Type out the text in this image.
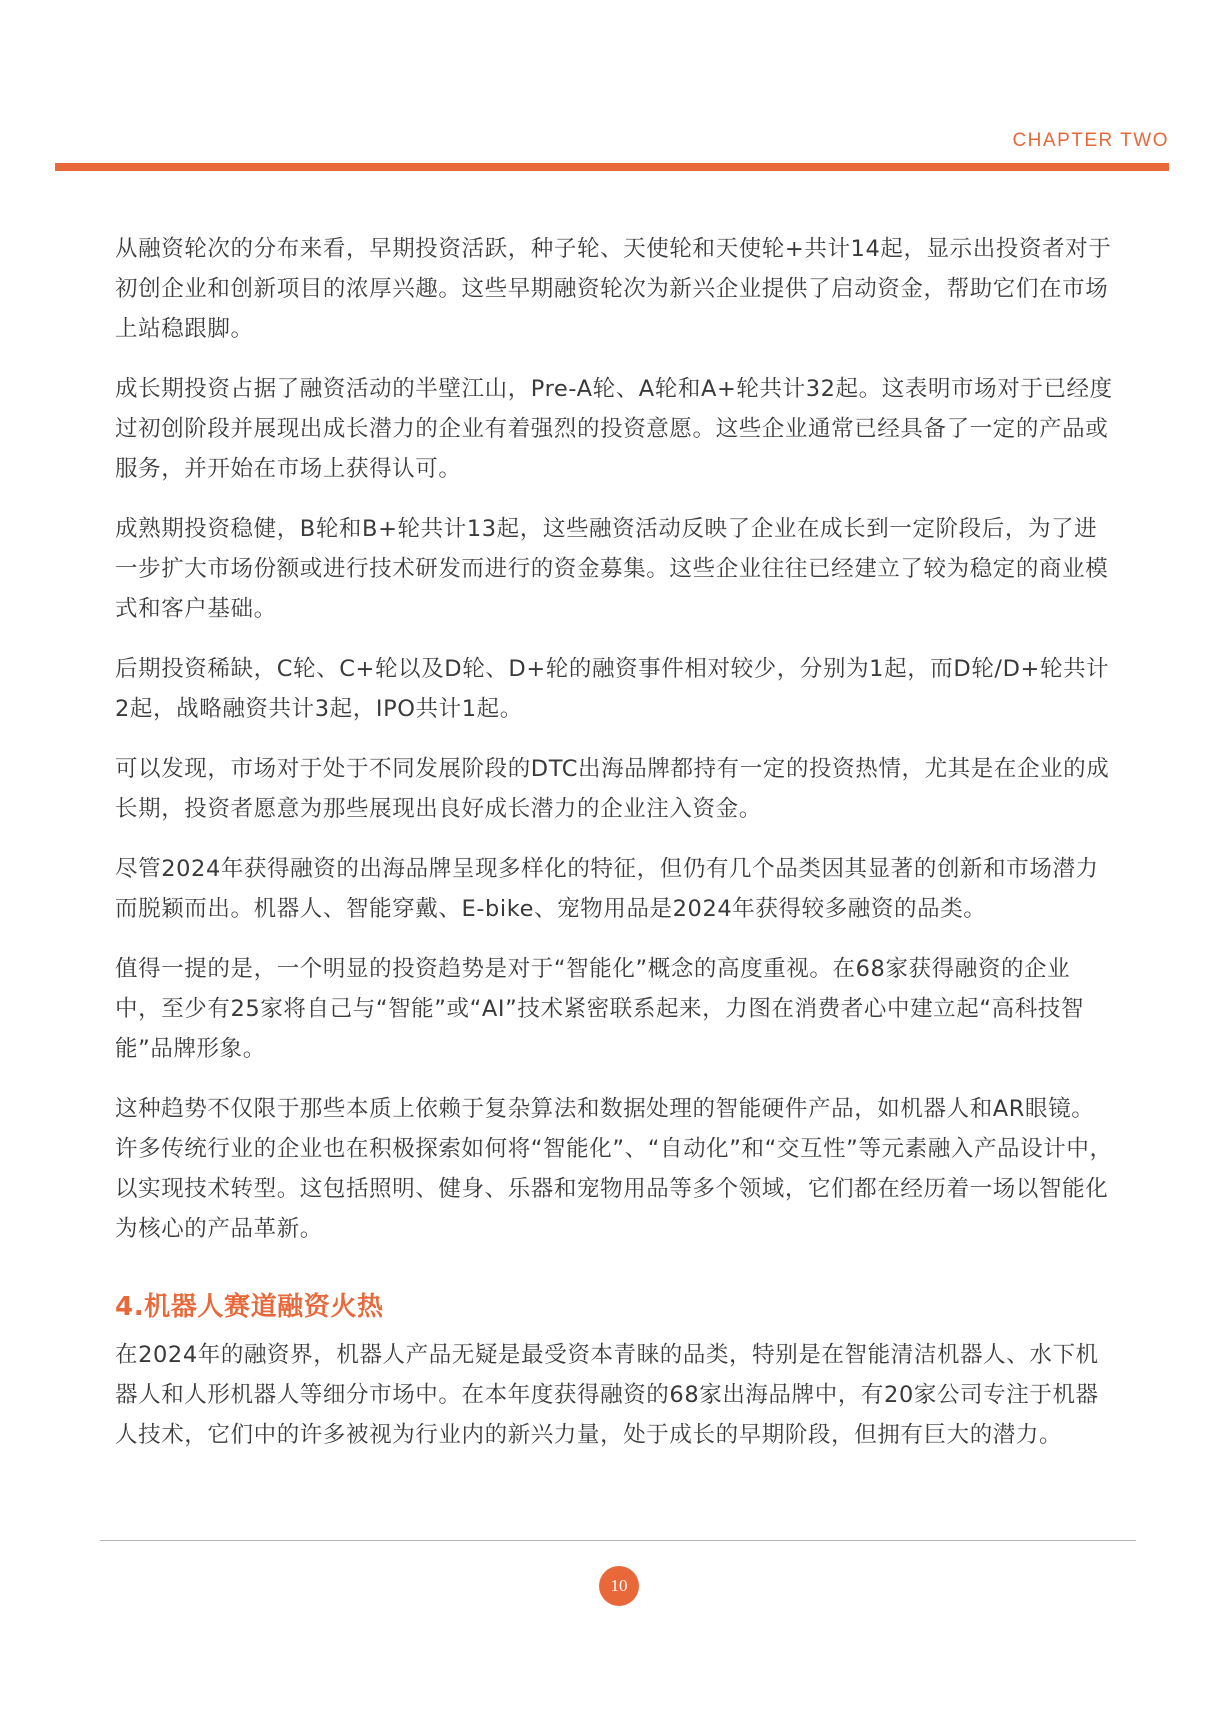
CHAPTER TWO

从融资轮次的分布来看，早期投资活跃，种子轮、天使轮和天使轮+共计14起，显示出投资者对于初创企业和创新项目的浓厚兴趣。这些早期融资轮次为新兴企业提供了启动资金，帮助它们在市场上站稳跟脚。

成长期投资占据了融资活动的半壁江山，Pre-A轮、A轮和A+轮共计32起。这表明市场对于已经度过初创阶段并展现出成长潜力的企业有着强烈的投资意愿。这些企业通常已经具备了一定的产品或服务，并开始在市场上获得认可。

成熟期投资稳健，B轮和B+轮共计13起，这些融资活动反映了企业在成长到一定阶段后，为了进一步扩大市场份额或进行技术研发而进行的资金募集。这些企业往往已经建立了较为稳定的商业模式和客户基础。

后期投资稀缺，C轮、C+轮以及D轮、D+轮的融资事件相对较少，分别为1起，而D轮/D+轮共计2起，战略融资共计3起，IPO共计1起。

可以发现，市场对于处于不同发展阶段的DTC出海品牌都持有一定的投资热情，尤其是在企业的成长期，投资者愿意为那些展现出良好成长潜力的企业注入资金。

尽管2024年获得融资的出海品牌呈现多样化的特征，但仍有几个品类因其显著的创新和市场潜力而脱颖而出。机器人、智能穿戴、E-bike、宠物用品是2024年获得较多融资的品类。

值得一提的是，一个明显的投资趋势是对于“智能化”概念的高度重视。在68家获得融资的企业中，至少有25家将自己与“智能”或“AI”技术紧密联系起来，力图在消费者心中建立起“高科技智能”品牌形象。

这种趋势不仅限于那些本质上依赖于复杂算法和数据处理的智能硬件产品，如机器人和AR眼镜。许多传统行业的企业也在积极探索如何将“智能化”、“自动化”和“交互性”等元素融入产品设计中，以实现技术转型。这包括照明、健身、乐器和宠物用品等多个领域，它们都在经历着一场以智能化为核心的产品革新。

4.机器人赛道融资火热

在2024年的融资界，机器人产品无疑是最受资本青睐的品类，特别是在智能清洁机器人、水下机器人和人形机器人等细分市场中。在本年度获得融资的68家出海品牌中，有20家公司专注于机器人技术，它们中的许多被视为行业内的新兴力量，处于成长的早期阶段，但拥有巨大的潜力。

10
